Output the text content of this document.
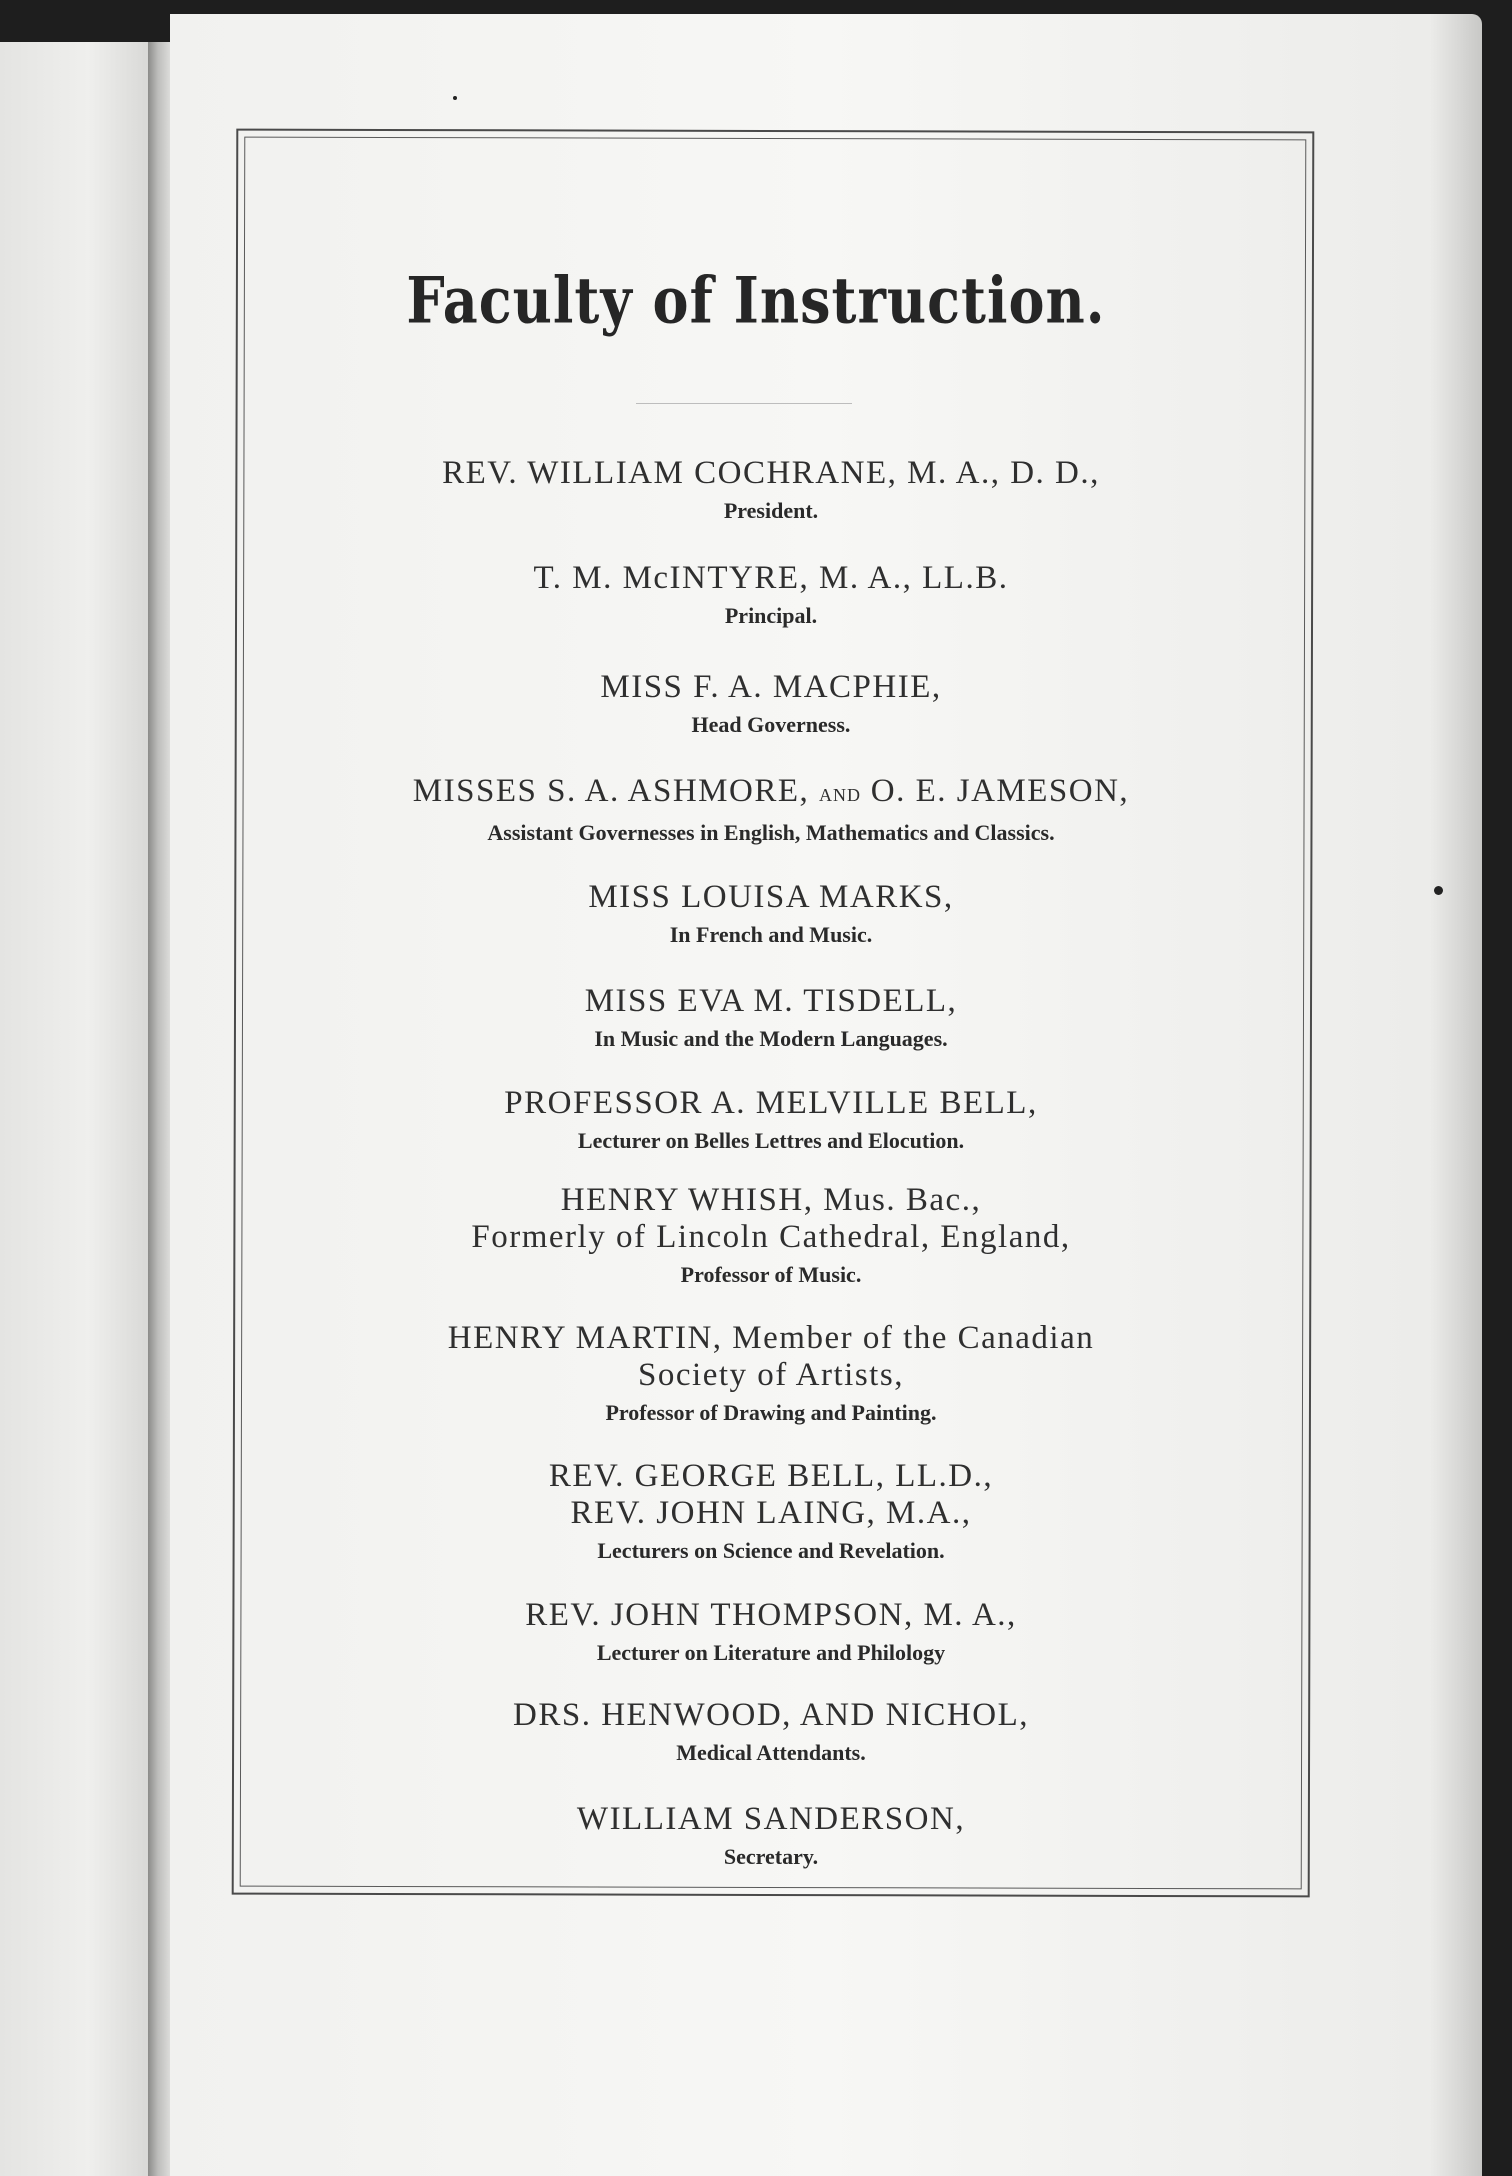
Faculty of Instruction.
REV. WILLIAM COCHRANE, M. A., D. D.,
President.
T. M. McINTYRE, M. A., LL.B.
Principal.
MISS F. A. MACPHIE,
Head Governess.
MISSES S. A. ASHMORE, AND O. E. JAMESON,
Assistant Governesses in English, Mathematics and Classics.
MISS LOUISA MARKS,
In French and Music.
MISS EVA M. TISDELL,
In Music and the Modern Languages.
PROFESSOR A. MELVILLE BELL,
Lecturer on Belles Lettres and Elocution.
HENRY WHISH, Mus. Bac.,
Formerly of Lincoln Cathedral, England,
Professor of Music.
HENRY MARTIN, Member of the Canadian
Society of Artists,
Professor of Drawing and Painting.
REV. GEORGE BELL, LL.D.,
REV. JOHN LAING, M.A.,
Lecturers on Science and Revelation.
REV. JOHN THOMPSON, M. A.,
Lecturer on Literature and Philology
DRS. HENWOOD, AND NICHOL,
Medical Attendants.
WILLIAM SANDERSON,
Secretary.
